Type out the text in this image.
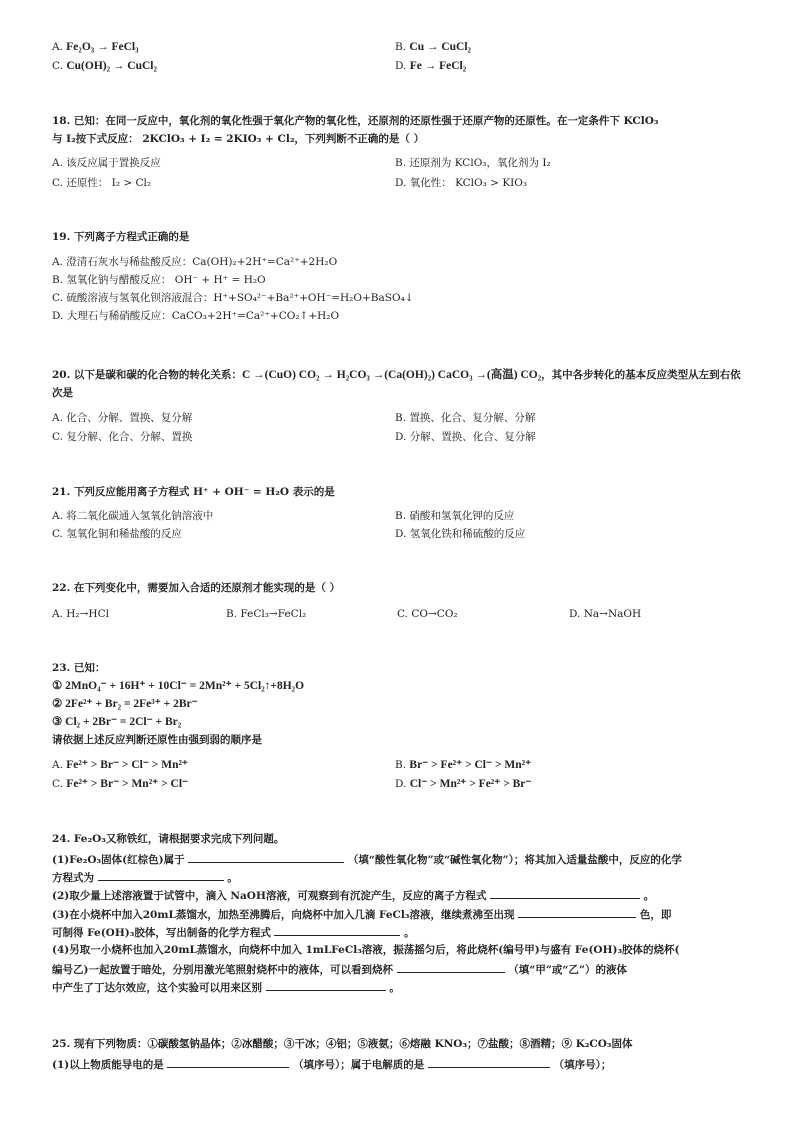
A. Fe₂O₃ → FeCl₃	B. Cu → CuCl₂
C. Cu(OH)₂ → CuCl₂	D. Fe → FeCl₂
18. 已知：在同一反应中，氧化剂的氧化性强于氧化产物的氧化性，还原剂的还原性强于还原产物的还原性。在一定条件下 KClO₃
与 I₂按下式反应： 2KClO₃ + I₂ = 2KIO₃ + Cl₂，下列判断不正确的是（ ）
A. 该反应属于置换反应	B. 还原剂为 KClO₃，氧化剂为 I₂
C. 还原性： I₂ > Cl₂	D. 氧化性： KClO₃ > KIO₃
19. 下列离子方程式正确的是
A. 澄清石灰水与稀盐酸反应：Ca(OH)₂+2H⁺=Ca²⁺+2H₂O
B. 氢氧化钠与醋酸反应： OH⁻ + H⁺ = H₂O
C. 硫酸溶液与氢氧化钡溶液混合：H⁺+SO₄²⁻+Ba²⁺+OH⁻=H₂O+BaSO₄↓
D. 大理石与稀硝酸反应：CaCO₃+2H⁺=Ca²⁺+CO₂↑+H₂O
20. 以下是碳和碳的化合物的转化关系：C →(CuO) CO₂ → H₂CO₃ →(Ca(OH)₂) CaCO₃ →(高温) CO₂，其中各步转化的基本反应类型从左到右依
次是
A. 化合、分解、置换、复分解	B. 置换、化合、复分解、分解
C. 复分解、化合、分解、置换	D. 分解、置换、化合、复分解
21. 下列反应能用离子方程式 H⁺ + OH⁻ = H₂O 表示的是
A. 将二氧化碳通入氢氧化钠溶液中	B. 硝酸和氢氧化钾的反应
C. 氢氧化铜和稀盐酸的反应	D. 氢氧化铁和稀硫酸的反应
22. 在下列变化中，需要加入合适的还原剂才能实现的是（ ）
A. H₂→HCl	B. FeCl₃→FeCl₂	C. CO→CO₂	D. Na→NaOH
23. 已知：
① 2MnO₄⁻ + 16H⁺ + 10Cl⁻ = 2Mn²⁺ + 5Cl₂↑+8H₂O
② 2Fe²⁺ + Br₂ = 2Fe³⁺ + 2Br⁻
③ Cl₂ + 2Br⁻ = 2Cl⁻ + Br₂
请依据上述反应判断还原性由强到弱的顺序是
A. Fe²⁺ > Br⁻ > Cl⁻ > Mn²⁺	B. Br⁻ > Fe²⁺ > Cl⁻ > Mn²⁺
C. Fe²⁺ > Br⁻ > Mn²⁺ > Cl⁻	D. Cl⁻ > Mn²⁺ > Fe²⁺ > Br⁻
24. Fe₂O₃又称铁红，请根据要求完成下列问题。
(1)Fe₂O₃固体(红棕色)属于	（填“酸性氧化物”或“碱性氧化物”）；将其加入适量盐酸中，反应的化学
方程式为	。
(2)取少量上述溶液置于试管中，滴入 NaOH溶液，可观察到有沉淀产生，反应的离子方程式	。
(3)在小烧杯中加入20mL蒸馏水，加热至沸腾后，向烧杯中加入几滴 FeCl₃溶液，继续煮沸至出现	色，即
可制得 Fe(OH)₃胶体，写出制备的化学方程式	。
(4)另取一小烧杯也加入20mL蒸馏水，向烧杯中加入 1mLFeCl₃溶液，振荡摇匀后，将此烧杯(编号甲)与盛有 Fe(OH)₃胶体的烧杯(
编号乙)一起放置于暗处，分别用激光笔照射烧杯中的液体，可以看到烧杯	（填“甲”或“乙”）的液体
中产生了丁达尔效应，这个实验可以用来区别	。
25. 现有下列物质：①碳酸氢钠晶体；②冰醋酸；③干冰；④铝；⑤液氨；⑥熔融 KNO₃；⑦盐酸；⑧酒精；⑨ K₂CO₃固体
(1)以上物质能导电的是	（填序号）；属于电解质的是	（填序号）；
